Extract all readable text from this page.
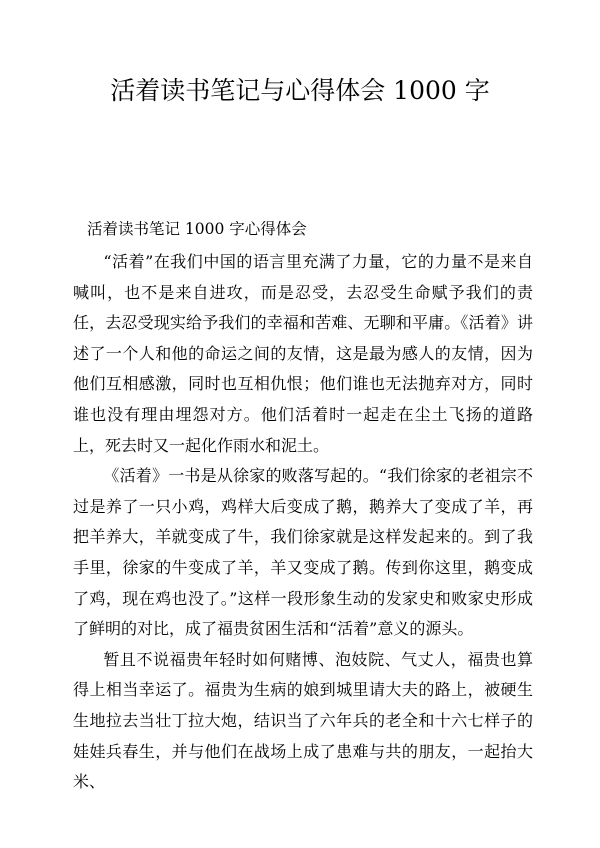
活着读书笔记与心得体会 1000 字
活着读书笔记 1000 字心得体会

“活着”在我们中国的语言里充满了力量，它的力量不是来自喊叫，也不是来自进攻，而是忍受，去忍受生命赋予我们的责任，去忍受现实给予我们的幸福和苦难、无聊和平庸。《活着》讲述了一个人和他的命运之间的友情，这是最为感人的友情，因为他们互相感激，同时也互相仇恨；他们谁也无法抛弃对方，同时谁也没有理由埋怨对方。他们活着时一起走在尘土飞扬的道路上，死去时又一起化作雨水和泥土。

《活着》一书是从徐家的败落写起的。“我们徐家的老祖宗不过是养了一只小鸡，鸡样大后变成了鹅，鹅养大了变成了羊，再把羊养大，羊就变成了牛，我们徐家就是这样发起来的。到了我手里，徐家的牛变成了羊，羊又变成了鹅。传到你这里，鹅变成了鸡，现在鸡也没了。”这样一段形象生动的发家史和败家史形成了鲜明的对比，成了福贵贫困生活和“活着”意义的源头。

暂且不说福贵年轻时如何赌博、泡妓院、气丈人，福贵也算得上相当幸运了。福贵为生病的娘到城里请大夫的路上，被硬生生地拉去当壮丁拉大炮，结识当了六年兵的老全和十六七样子的娃娃兵春生，并与他们在战场上成了患难与共的朋友，一起抬大米、
